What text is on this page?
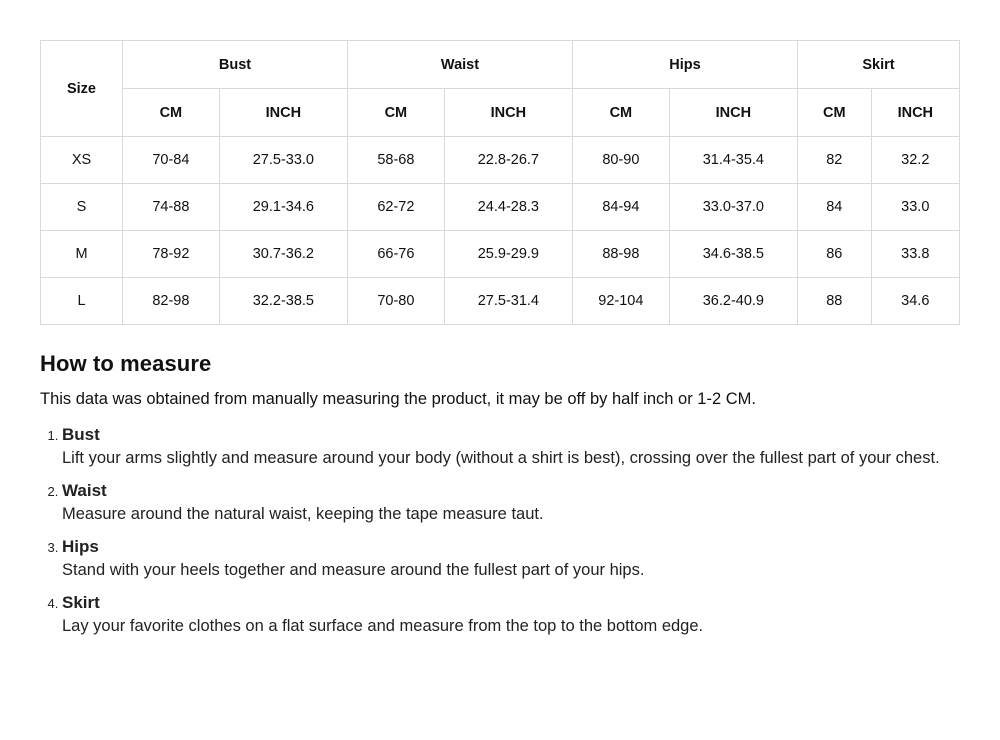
Size	Bust		Waist		Hips		Skirt	
	CM	INCH	CM	INCH	CM	INCH	CM	INCH
XS	70-84	27.5-33.0	58-68	22.8-26.7	80-90	31.4-35.4	82	32.2
S	74-88	29.1-34.6	62-72	24.4-28.3	84-94	33.0-37.0	84	33.0
M	78-92	30.7-36.2	66-76	25.9-29.9	88-98	34.6-38.5	86	33.8
L	82-98	32.2-38.5	70-80	27.5-31.4	92-104	36.2-40.9	88	34.6
How to measure

This data was obtained from manually measuring the product, it may be off by half inch or 1-2 CM.

1. Bust
Lift your arms slightly and measure around your body (without a shirt is best), crossing over the fullest part of your chest.
2. Waist
Measure around the natural waist, keeping the tape measure taut.
3. Hips
Stand with your heels together and measure around the fullest part of your hips.
4. Skirt
Lay your favorite clothes on a flat surface and measure from the top to the bottom edge.
